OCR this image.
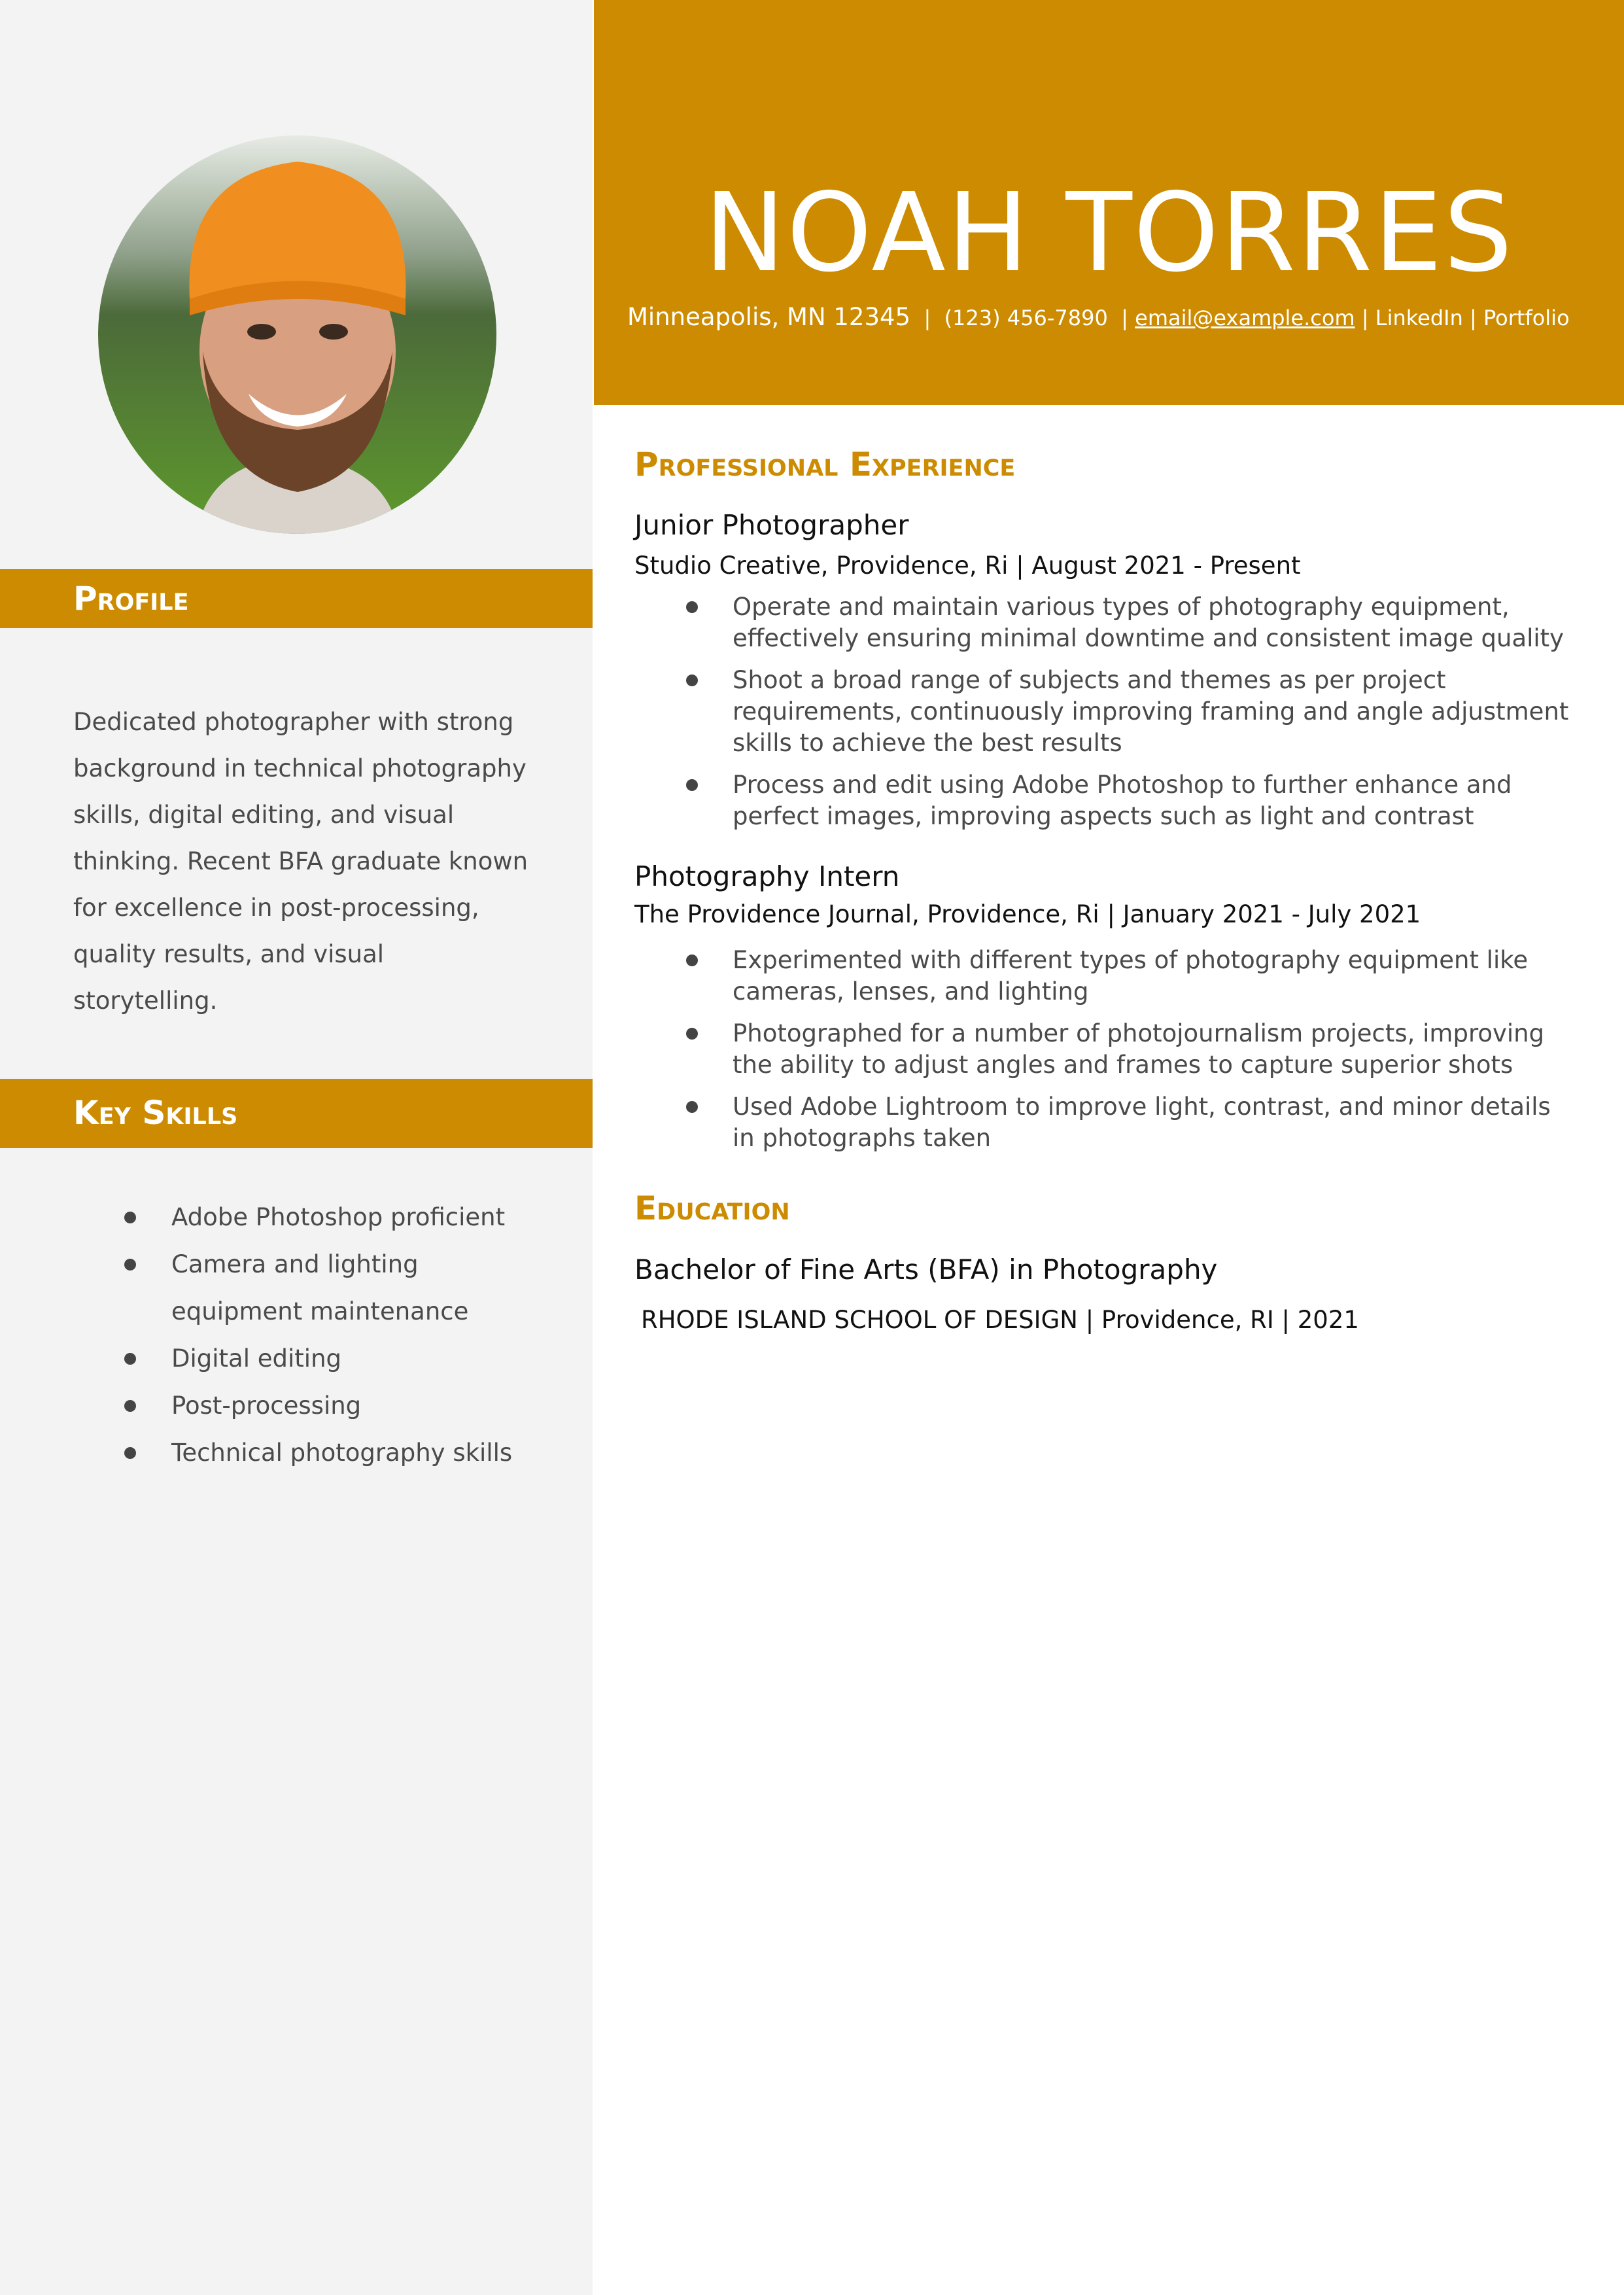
Profile

Dedicated photographer with strong background in technical photography skills, digital editing, and visual thinking. Recent BFA graduate known for excellence in post-processing, quality results, and visual storytelling.

Key Skills
Adobe Photoshop proficient
Camera and lighting equipment maintenance
Digital editing
Post-processing
Technical photography skills
NOAH TORRES
Minneapolis, MN 12345 | (123) 456-7890 | email@example.com | LinkedIn | Portfolio
Professional Experience
Junior Photographer
Studio Creative, Providence, Ri | August 2021 - Present
Operate and maintain various types of photography equipment, effectively ensuring minimal downtime and consistent image quality
Shoot a broad range of subjects and themes as per project requirements, continuously improving framing and angle adjustment skills to achieve the best results
Process and edit using Adobe Photoshop to further enhance and perfect images, improving aspects such as light and contrast
Photography Intern
The Providence Journal, Providence, Ri | January 2021 - July 2021
Experimented with different types of photography equipment like cameras, lenses, and lighting
Photographed for a number of photojournalism projects, improving the ability to adjust angles and frames to capture superior shots
Used Adobe Lightroom to improve light, contrast, and minor details in photographs taken
Education
Bachelor of Fine Arts (BFA) in Photography
RHODE ISLAND SCHOOL OF DESIGN | Providence, RI | 2021
